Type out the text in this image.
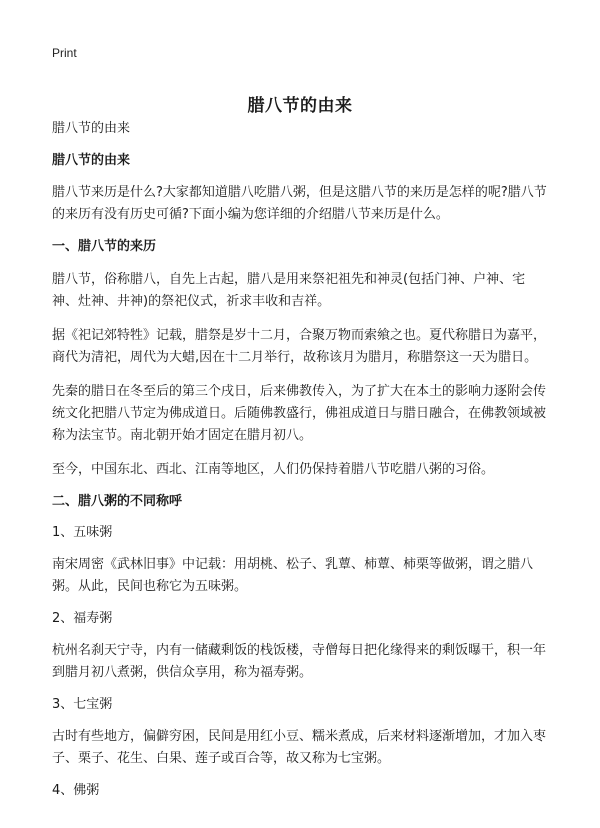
Print
腊八节的由来

腊八节的由来

腊八节的由来

腊八节来历是什么?大家都知道腊八吃腊八粥，但是这腊八节的来历是怎样的呢?腊八节的来历有没有历史可循?下面小编为您详细的介绍腊八节来历是什么。

一、腊八节的来历

腊八节，俗称腊八，自先上古起，腊八是用来祭祀祖先和神灵(包括门神、户神、宅神、灶神、井神)的祭祀仪式，祈求丰收和吉祥。

据《祀记郊特牲》记载，腊祭是岁十二月，合聚万物而索飨之也。夏代称腊日为嘉平，商代为清祀，周代为大蜡,因在十二月举行，故称该月为腊月，称腊祭这一天为腊日。

先秦的腊日在冬至后的第三个戌日，后来佛教传入，为了扩大在本土的影响力逐附会传统文化把腊八节定为佛成道日。后随佛教盛行，佛祖成道日与腊日融合，在佛教领域被称为法宝节。南北朝开始才固定在腊月初八。

至今，中国东北、西北、江南等地区，人们仍保持着腊八节吃腊八粥的习俗。

二、腊八粥的不同称呼

1、五味粥

南宋周密《武林旧事》中记载：用胡桃、松子、乳蕈、柿蕈、柿栗等做粥，谓之腊八粥。从此，民间也称它为五味粥。

2、福寿粥

杭州名刹天宁寺，内有一储藏剩饭的栈饭楼，寺僧每日把化缘得来的剩饭曝干，积一年到腊月初八煮粥，供信众享用，称为福寿粥。

3、七宝粥

古时有些地方，偏僻穷困，民间是用红小豆、糯米煮成，后来材料逐渐增加，才加入枣子、栗子、花生、白果、莲子或百合等，故又称为七宝粥。

4、佛粥
